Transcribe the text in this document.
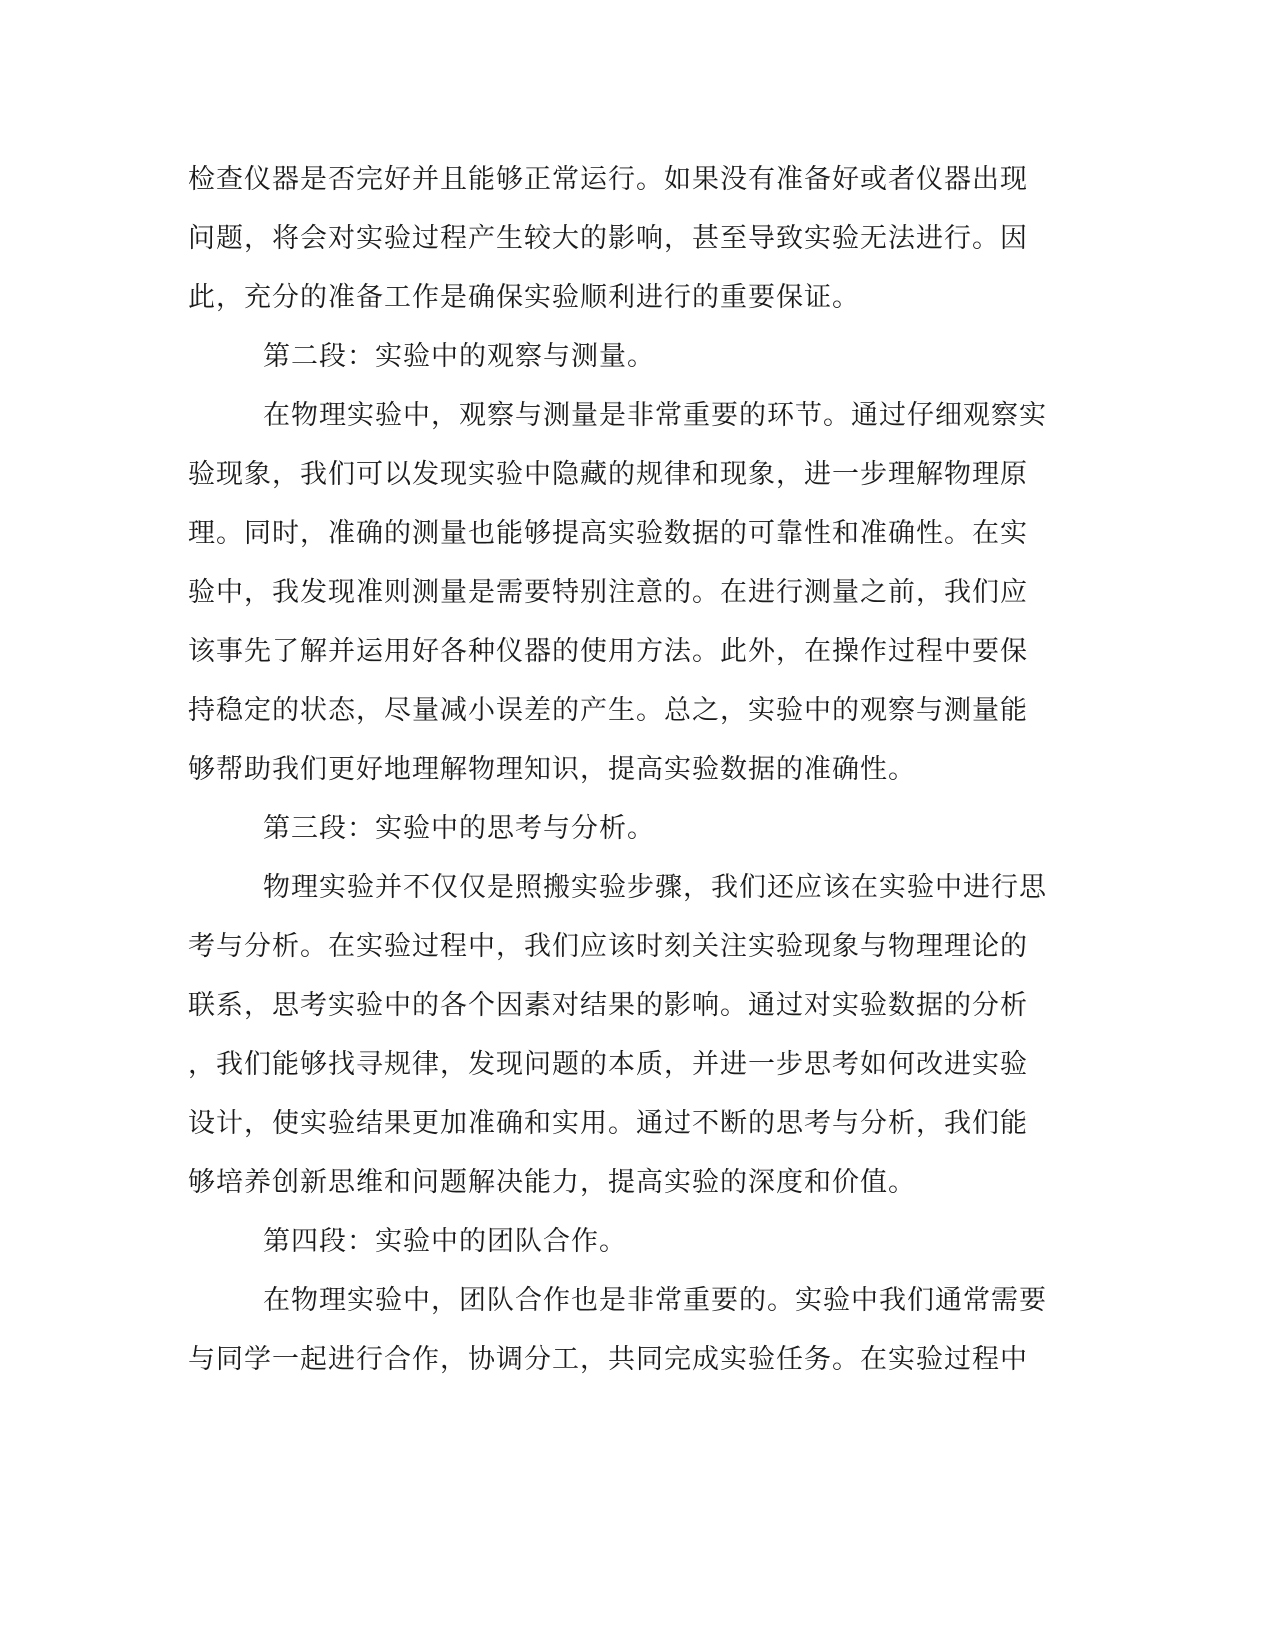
检查仪器是否完好并且能够正常运行。如果没有准备好或者仪器出现
问题，将会对实验过程产生较大的影响，甚至导致实验无法进行。因
此，充分的准备工作是确保实验顺利进行的重要保证。
第二段：实验中的观察与测量。
在物理实验中，观察与测量是非常重要的环节。通过仔细观察实
验现象，我们可以发现实验中隐藏的规律和现象，进一步理解物理原
理。同时，准确的测量也能够提高实验数据的可靠性和准确性。在实
验中，我发现准则测量是需要特别注意的。在进行测量之前，我们应
该事先了解并运用好各种仪器的使用方法。此外，在操作过程中要保
持稳定的状态，尽量减小误差的产生。总之，实验中的观察与测量能
够帮助我们更好地理解物理知识，提高实验数据的准确性。
第三段：实验中的思考与分析。
物理实验并不仅仅是照搬实验步骤，我们还应该在实验中进行思
考与分析。在实验过程中，我们应该时刻关注实验现象与物理理论的
联系，思考实验中的各个因素对结果的影响。通过对实验数据的分析
，我们能够找寻规律，发现问题的本质，并进一步思考如何改进实验
设计，使实验结果更加准确和实用。通过不断的思考与分析，我们能
够培养创新思维和问题解决能力，提高实验的深度和价值。
第四段：实验中的团队合作。
在物理实验中，团队合作也是非常重要的。实验中我们通常需要
与同学一起进行合作，协调分工，共同完成实验任务。在实验过程中
